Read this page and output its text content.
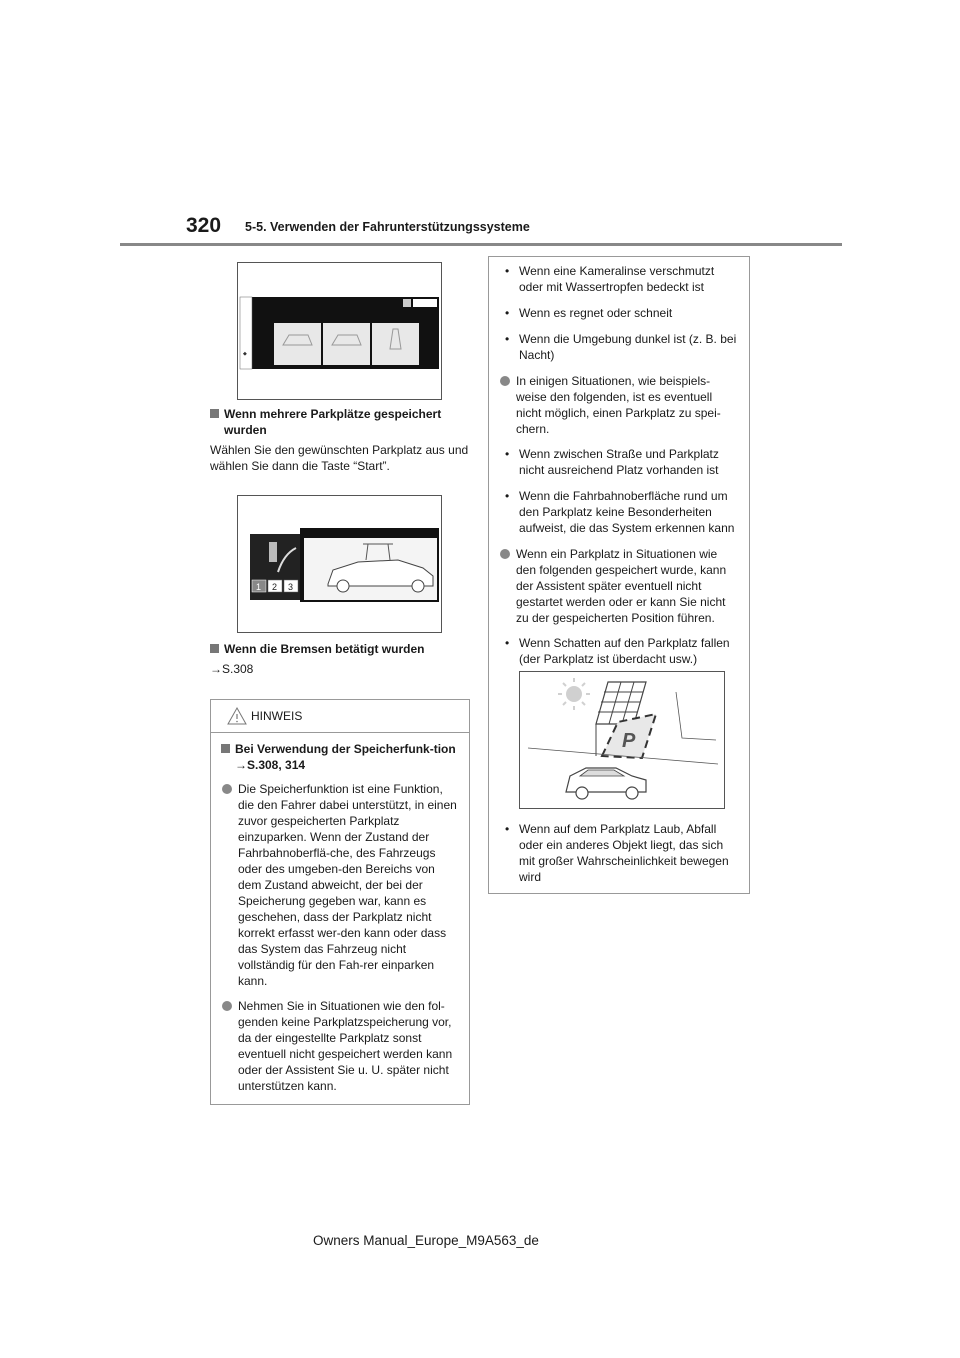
320 5-5. Verwenden der Fahrunterstützungssysteme
◆
Wenn mehrere Parkplätze gespeichert wurden
Wählen Sie den gewünschten Parkplatz aus und wählen Sie dann die Taste “Start”.
1 2 3
Wenn die Bremsen betätigt wurden
→S.308
HINWEIS
Bei Verwendung der Speicherfunk-tion →S.308, 314
Die Speicherfunktion ist eine Funktion, die den Fahrer dabei unterstützt, in einen zuvor gespeicherten Parkplatz einzuparken. Wenn der Zustand der Fahrbahnoberflä-che, des Fahrzeugs oder des umgeben-den Bereichs von dem Zustand abweicht, der bei der Speicherung gegeben war, kann es geschehen, dass der Parkplatz nicht korrekt erfasst wer-den kann oder dass das System das Fahrzeug nicht vollständig für den Fah-rer einparken kann.
Nehmen Sie in Situationen wie den fol-genden keine Parkplatzspeicherung vor, da der eingestellte Parkplatz sonst eventuell nicht gespeichert werden kann oder der Assistent Sie u. U. später nicht unterstützen kann.
• Wenn eine Kameralinse verschmutzt oder mit Wassertropfen bedeckt ist
• Wenn es regnet oder schneit
• Wenn die Umgebung dunkel ist (z. B. bei Nacht)
In einigen Situationen, wie beispiels-weise den folgenden, ist es eventuell nicht möglich, einen Parkplatz zu spei-chern.
• Wenn zwischen Straße und Parkplatz nicht ausreichend Platz vorhanden ist
• Wenn die Fahrbahnoberfläche rund um den Parkplatz keine Besonderheiten aufweist, die das System erkennen kann
Wenn ein Parkplatz in Situationen wie den folgenden gespeichert wurde, kann der Assistent später eventuell nicht gestartet werden oder er kann Sie nicht zu der gespeicherten Position führen.
• Wenn Schatten auf den Parkplatz fallen (der Parkplatz ist überdacht usw.)
P
• Wenn auf dem Parkplatz Laub, Abfall oder ein anderes Objekt liegt, das sich mit großer Wahrscheinlichkeit bewegen wird
Owners Manual_Europe_M9A563_de
